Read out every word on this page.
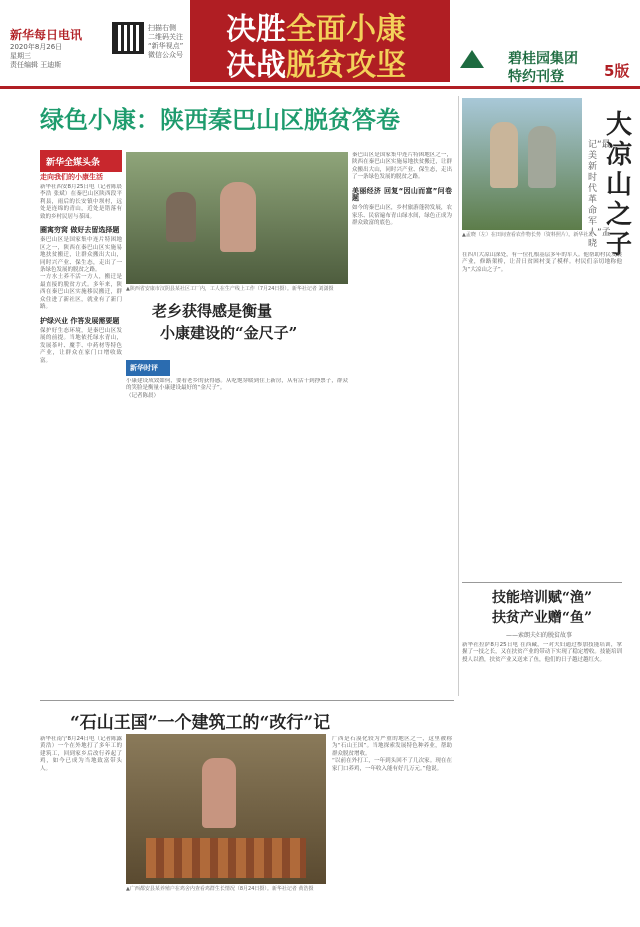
新华每日电讯
2020年8月26日
星期三
责任编辑 王迪斯
扫描右侧
二维码关注
“新华视点”
微信公众号
决胜全面小康
决战脱贫攻坚	碧桂园集团
特约刊登	5版
绿色小康：陕西秦巴山区脱贫答卷
新华全媒头条
走向我们的小康生活

新华社西安8月25日电（记者陈晨 李浩 张斌）在秦巴山区陕西段平利县，雨后的长安镇中坝村，远处是连绵的青山，近处是错落有致的乡村民居与茶园。

圈寓穷窝 做好去留选择题

秦巴山区是国家集中连片特困地区之一，陕西在秦巴山区实施易地扶贫搬迁，让群众搬出大山，同时兴产业、保生态，走出了一条绿色发展的脱贫之路。

一方水土养不活一方人，搬迁是最直接的脱贫方式。多年来，陕西在秦巴山区实施移民搬迁，群众住进了新社区，就业有了新门路。

护绿兴业 作答发展需要题

保护好生态环境，是秦巴山区发展的前提。当地依托绿水青山，发展茶叶、魔芋、中药材等特色产业，让群众在家门口增收致富。

▲陕西省安康市汉阴县某社区工厂内，工人在生产线上工作（7月24日摄）。新华社记者 刘潇摄
老乡获得感是衡量
小康建设的“金尺子”
新华时评

小康建设成效如何，要看老乡的获得感。从吃饱穿暖到住上新房，从有活干到挣票子，群众的笑脸是衡量小康建设最好的“金尺子”。

（记者陈晨）

秦巴山区是国家集中连片特困地区之一，陕西在秦巴山区实施易地扶贫搬迁，让群众搬出大山，同时兴产业、保生态，走出了一条绿色发展的脱贫之路。

美丽经济 回复“因山而富”问卷题

如今的秦巴山区，乡村旅游蓬勃发展，农家乐、民宿遍布青山绿水间，绿色正成为群众致富的底色。

大凉山之子
记“最美新时代革命军人”孟晓
▲孟晓（左）在田间查看农作物长势（资料照片）。新华社发
在四川大凉山深处，有一位扎根基层多年的军人。他帮助村民发展产业，修路架桥，让昔日贫困村变了模样。村民们亲切地称他为“大凉山之子”。
技能培训赋“渔”
扶贫产业赠“鱼”
——索朗夫妇的脱贫故事
新华社拉萨8月25日电 在西藏，一对夫妇通过参加技能培训，掌握了一技之长，又在扶贫产业的带动下实现了稳定增收。技能培训授人以渔，扶贫产业又送来了鱼，他们的日子越过越红火。
“石山王国”一个建筑工的“改行”记
新华社南宁8月24日电（记者陈露 黄浩）一个在外地打了多年工的建筑工，回到家乡后改行养起了鸡，如今已成为当地致富带头人。
▲广西都安县某养殖户在鸡舍内查看鸡群生长情况（8月24日摄）。新华社记者 黄浩摄

广西是石漠化较为严重的地区之一，这里被称为“石山王国”。当地探索发展特色种养业，帮助群众脱贫增收。

“以前在外打工，一年到头回不了几次家。现在在家门口养鸡，一年收入能有好几万元。”他说。
